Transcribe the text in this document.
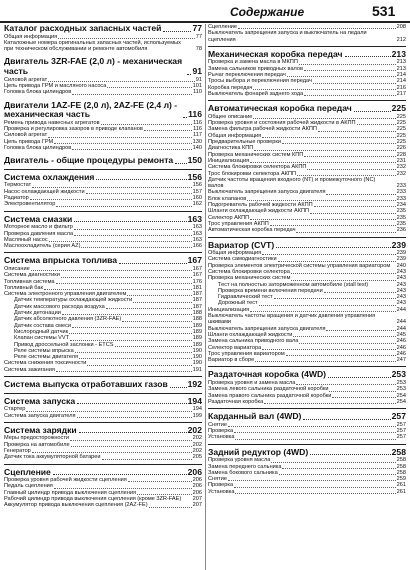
Содержание	531
Каталог расходных запасных частей	77
Общая информация	77
Каталожные номера оригинальных запасных частей, используемых при техническом обслуживании и ремонте автомобиля	78
Двигатель 3ZR-FAE (2,0 л) - механическая часть	91
Силовой агрегат	91
Цепь привода ГРМ и масляного насоса	101
Головка блока цилиндров	110
Двигатели 1AZ-FE (2,0 л), 2AZ-FE (2,4 л) - механическая часть	116
Ремень привода навесных агрегатов	116
Проверка и регулировка зазоров в приводе клапанов	116
Силовой агрегат	117
Цепь привода ГРМ	130
Головка блока цилиндров	140
Двигатель - общие процедуры ремонта 150
Система охлаждения	156
Термостат	156
Насос охлаждающей жидкости	157
Радиатор	160
Электровентилятор	162
Система смазки	163
Моторное масло и фильтр	163
Проверка давления масла	163
Масляный насос	163
Маслоохладитель (серия AZ)	166
Система впрыска топлива	167
Описание	167
Система диагностики	167
Топливная система	176
Топливный бак	181
Система электронного управления двигателем	187
Датчик температуры охлаждающей жидкости	187
Датчик массового расхода воздуха	187
Датчик детонации	188
Датчик абсолютного давления (3ZR-FAE)	188
Датчик состава смеси	189
Кислородный датчик	189
Клапан системы VVT	189
Привод дроссельной заслонки - ETCS	189
Реле системы впрыска	190
Реле системы двигателя	190
Система снижения токсичности	190
Система зажигания	191
Система выпуска отработавших газов 192
Система запуска	194
Стартер	194
Система запуска двигателя	199
Система зарядки	202
Меры предосторожности	202
Проверка на автомобиле	202
Генератор	202
Датчик тока аккумуляторной батареи	205
Сцепление	206
Проверка уровня рабочей жидкости сцепления	206
Педаль сцепления	206
Главный цилиндр привода выключения сцепления	206
Рабочий цилиндр привода выключения сцепления (кроме 3ZR-FAE) 207
Аккумулятор привода выключения сцепления (2AZ-FE)	207
Сцепление	208
Выключатель запрещения запуска и выключатель на педали сцепления	212
Механическая коробка передач	213
Проверка и замена масла в МКПП	213
Замена сальников приводных валов	213
Рычаг переключения передач	214
Тросы выбора и переключения передач	214
Коробка передач	216
Выключатель фонарей заднего хода	217
Автоматическая коробка передач	225
Общее описание	225
Проверка уровня и состояния рабочей жидкости в АКПП	225
Замена фильтра рабочей жидкости АКПП	225
Общая информация	225
Предварительные проверки	225
Диагностика КПП	226
Проверка механических систем КПП	228
Инициализация	231
Система блокировки селектора АКПП	232
Трос блокировки селектора АКПП	232
Датчик частоты вращения входного (NT) и промежуточного (NC) валов	233
Выключатель запрещения запуска двигателя	233
Блок клапанов	233
Подогреватель рабочей жидкости АКПП	234
Шланги охлаждающей жидкости АКПП	235
Селектор АКПП	235
Трос управления АКПП	235
Автоматическая коробка передач	236
Вариатор (CVT)	239
Общая информация	239
Система самодиагностики	239
Проверка элементов электрической системы управления вариатором 240
Система блокировки селектора	243
Проверка механических систем	243
Тест на полностью заторможенном автомобиле (stall test)	243
Проверка времени включения передачи	243
Гидравлический тест	243
Дорожный тест	243
Инициализация	244
Выключатель частоты вращения и датчик давления управления шкивами	244
Выключатель запрещения запуска двигателя	244
Шланги охлаждающей жидкости	245
Замена сальника приводного вала	246
Селектор вариатора	246
Трос управления вариатором	246
Вариатор в сборе	247
Раздаточная коробка (4WD)	253
Проверка уровня и замена масла	253
Замена левого сальника раздаточной коробки	253
Замена правого сальника раздаточной коробки	254
Раздаточная коробка	254
Карданный вал (4WD)	257
Снятие	257
Проверка	257
Установка	257
Задний редуктор (4WD)	258
Проверка уровня масла	258
Замена переднего сальника	258
Замена бокового сальника	258
Снятие	259
Проверка	261
Установка	261
